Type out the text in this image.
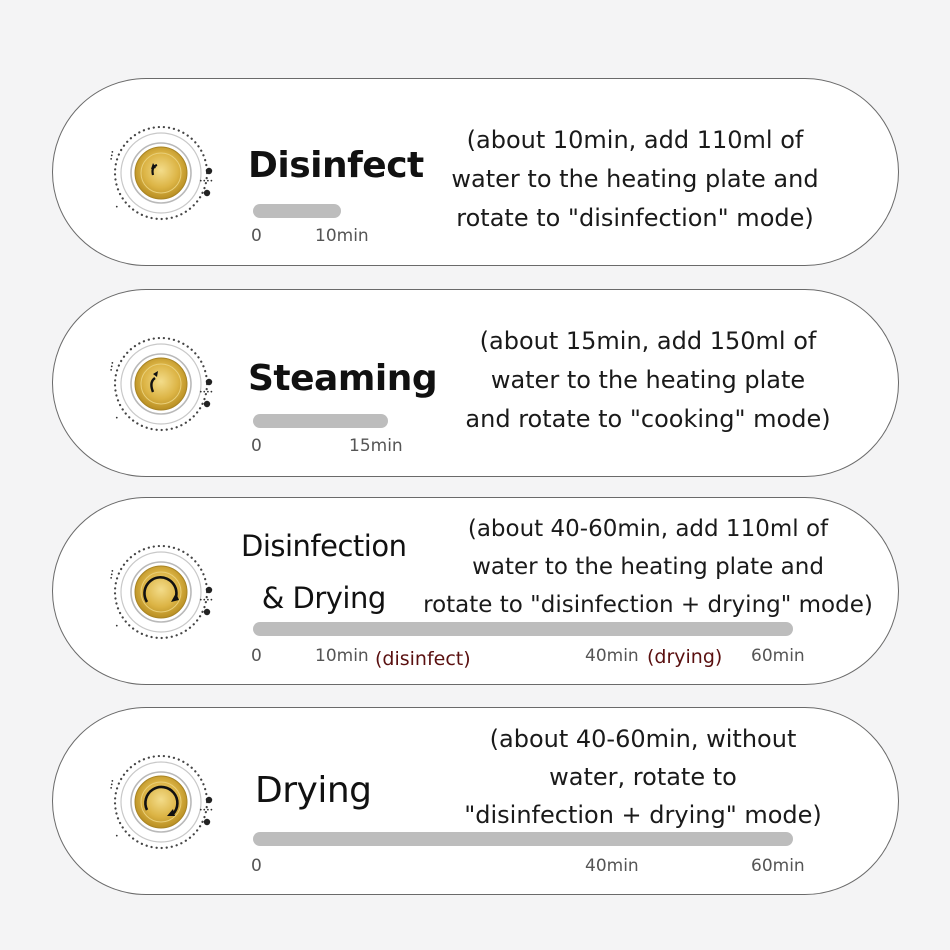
Disinfect
(about 10min, add 110ml of
water to the heating plate and
rotate to "disinfection" mode)
0	10min
Steaming
(about 15min, add 150ml of
water to the heating plate
and rotate to "cooking" mode)
0	15min
Disinfection
& Drying
(about 40-60min, add 110ml of
water to the heating plate and
rotate to "disinfection + drying" mode)
0	10min (disinfect)	40min (drying) 60min
Drying
(about 40-60min, without
water, rotate to
"disinfection + drying" mode)
0	40min	60min
